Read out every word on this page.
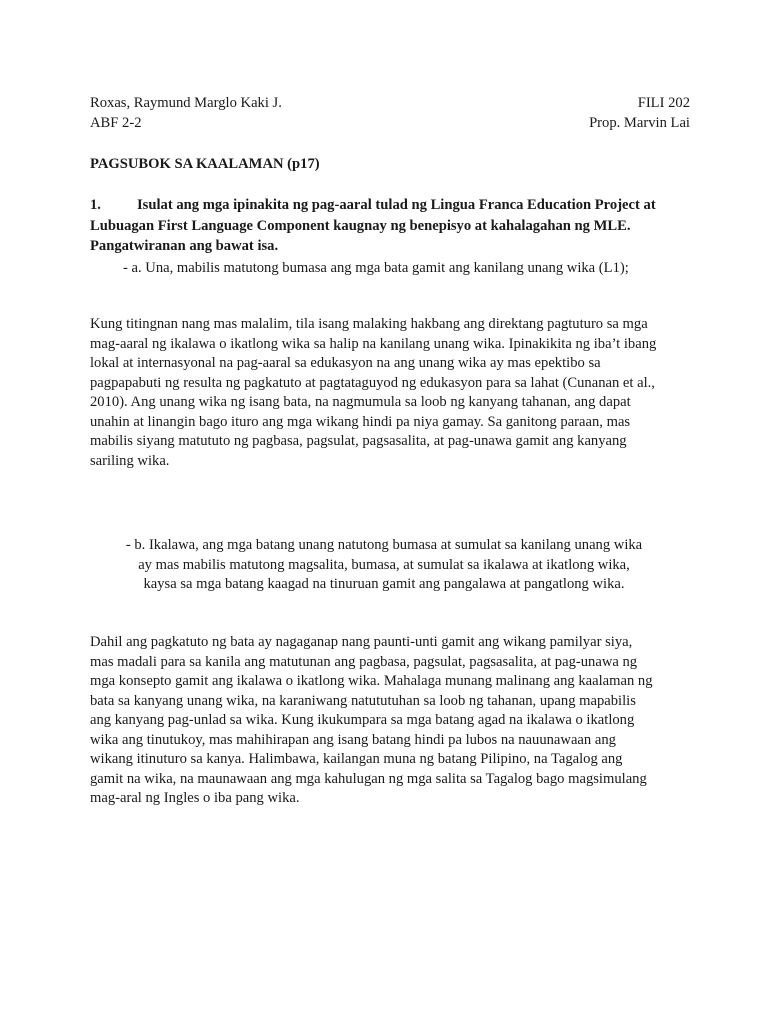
Roxas, Raymund Marglo Kaki J.
ABF 2-2
FILI 202
Prop. Marvin Lai
PAGSUBOK SA KAALAMAN (p17)
1. Isulat ang mga ipinakita ng pag-aaral tulad ng Lingua Franca Education Project at
Lubuagan First Language Component kaugnay ng benepisyo at kahalagahan ng MLE.
Pangatwiranan ang bawat isa.
- a. Una, mabilis matutong bumasa ang mga bata gamit ang kanilang unang wika (L1);
Kung titingnan nang mas malalim, tila isang malaking hakbang ang direktang pagtuturo sa mga
mag-aaral ng ikalawa o ikatlong wika sa halip na kanilang unang wika. Ipinakikita ng iba’t ibang
lokal at internasyonal na pag-aaral sa edukasyon na ang unang wika ay mas epektibo sa
pagpapabuti ng resulta ng pagkatuto at pagtataguyod ng edukasyon para sa lahat (Cunanan et al.,
2010). Ang unang wika ng isang bata, na nagmumula sa loob ng kanyang tahanan, ang dapat
unahin at linangin bago ituro ang mga wikang hindi pa niya gamay. Sa ganitong paraan, mas
mabilis siyang matututo ng pagbasa, pagsulat, pagsasalita, at pag-unawa gamit ang kanyang
sariling wika.
- b. Ikalawa, ang mga batang unang natutong bumasa at sumulat sa kanilang unang wika
ay mas mabilis matutong magsalita, bumasa, at sumulat sa ikalawa at ikatlong wika,
kaysa sa mga batang kaagad na tinuruan gamit ang pangalawa at pangatlong wika.
Dahil ang pagkatuto ng bata ay nagaganap nang paunti-unti gamit ang wikang pamilyar siya,
mas madali para sa kanila ang matutunan ang pagbasa, pagsulat, pagsasalita, at pag-unawa ng
mga konsepto gamit ang ikalawa o ikatlong wika. Mahalaga munang malinang ang kaalaman ng
bata sa kanyang unang wika, na karaniwang natututuhan sa loob ng tahanan, upang mapabilis
ang kanyang pag-unlad sa wika. Kung ikukumpara sa mga batang agad na ikalawa o ikatlong
wika ang tinutukoy, mas mahihirapan ang isang batang hindi pa lubos na nauunawaan ang
wikang itinuturo sa kanya. Halimbawa, kailangan muna ng batang Pilipino, na Tagalog ang
gamit na wika, na maunawaan ang mga kahulugan ng mga salita sa Tagalog bago magsimulang
mag-aral ng Ingles o iba pang wika.
